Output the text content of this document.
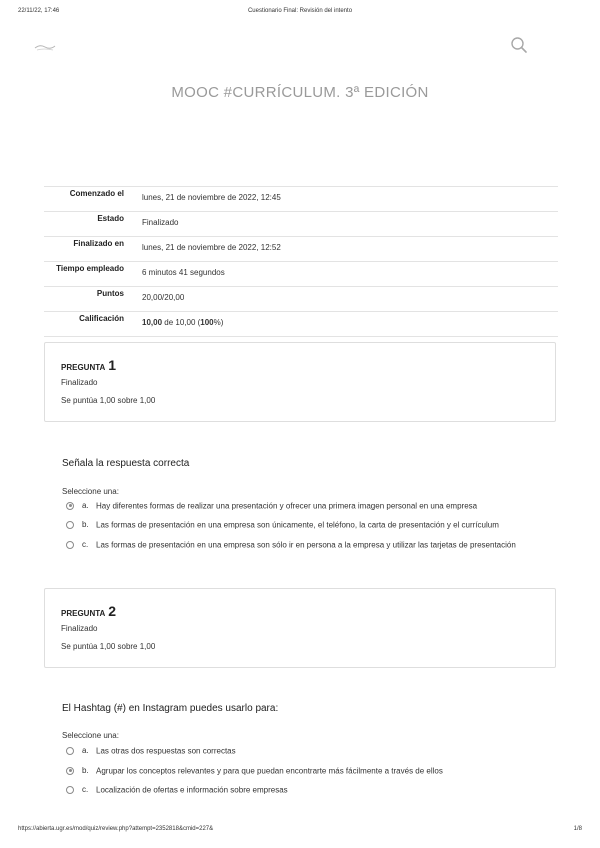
22/11/22, 17:46	Cuestionario Final: Revisión del intento
MOOC #CURRÍCULUM. 3ª EDICIÓN
Comenzado el	lunes, 21 de noviembre de 2022, 12:45
Estado	Finalizado
Finalizado en	lunes, 21 de noviembre de 2022, 12:52
Tiempo empleado	6 minutos 41 segundos
Puntos	20,00/20,00
Calificación	10,00 de 10,00 (100%)
PREGUNTA 1
Finalizado
Se puntúa 1,00 sobre 1,00
Señala la respuesta correcta
Seleccione una:
a. Hay diferentes formas de realizar una presentación y ofrecer una primera imagen personal en una empresa
b. Las formas de presentación en una empresa son únicamente, el teléfono, la carta de presentación y el currículum
c. Las formas de presentación en una empresa son sólo ir en persona a la empresa y utilizar las tarjetas de presentación
PREGUNTA 2
Finalizado
Se puntúa 1,00 sobre 1,00
El Hashtag (#) en Instagram puedes usarlo para:
Seleccione una:
a. Las otras dos respuestas son correctas
b. Agrupar los conceptos relevantes y para que puedan encontrarte más fácilmente a través de ellos
c. Localización de ofertas e información sobre empresas
https://abierta.ugr.es/mod/quiz/review.php?attempt=2352818&cmid=227&	1/8
